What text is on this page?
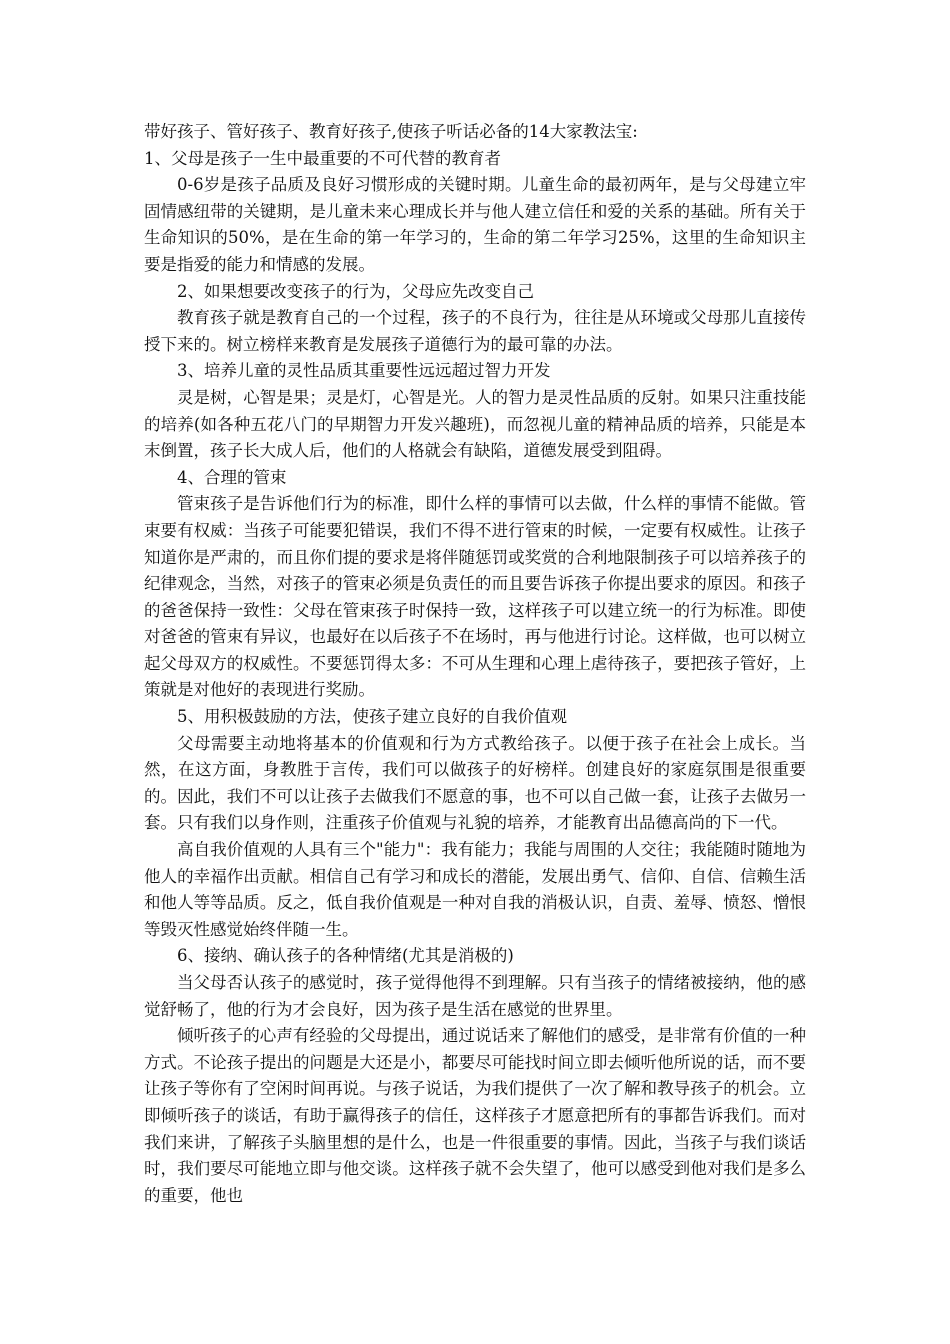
带好孩子、管好孩子、教育好孩子,使孩子听话必备的14大家教法宝:

1、父母是孩子一生中最重要的不可代替的教育者

0-6岁是孩子品质及良好习惯形成的关键时期。儿童生命的最初两年，是与父母建立牢固情感纽带的关键期，是儿童未来心理成长并与他人建立信任和爱的关系的基础。所有关于生命知识的50%，是在生命的第一年学习的，生命的第二年学习25%，这里的生命知识主要是指爱的能力和情感的发展。

2、如果想要改变孩子的行为，父母应先改变自己

教育孩子就是教育自己的一个过程，孩子的不良行为，往往是从环境或父母那儿直接传授下来的。树立榜样来教育是发展孩子道德行为的最可靠的办法。

3、培养儿童的灵性品质其重要性远远超过智力开发

灵是树，心智是果；灵是灯，心智是光。人的智力是灵性品质的反射。如果只注重技能的培养(如各种五花八门的早期智力开发兴趣班)，而忽视儿童的精神品质的培养，只能是本末倒置，孩子长大成人后，他们的人格就会有缺陷，道德发展受到阻碍。

4、合理的管束

管束孩子是告诉他们行为的标准，即什么样的事情可以去做，什么样的事情不能做。管束要有权威：当孩子可能要犯错误，我们不得不进行管束的时候，一定要有权威性。让孩子知道你是严肃的，而且你们提的要求是将伴随惩罚或奖赏的合利地限制孩子可以培养孩子的纪律观念，当然，对孩子的管束必须是负责任的而且要告诉孩子你提出要求的原因。和孩子的爸爸保持一致性：父母在管束孩子时保持一致，这样孩子可以建立统一的行为标准。即使对爸爸的管束有异议，也最好在以后孩子不在场时，再与他进行讨论。这样做，也可以树立起父母双方的权威性。不要惩罚得太多：不可从生理和心理上虐待孩子，要把孩子管好，上策就是对他好的表现进行奖励。

5、用积极鼓励的方法，使孩子建立良好的自我价值观

父母需要主动地将基本的价值观和行为方式教给孩子。以便于孩子在社会上成长。当然，在这方面，身教胜于言传，我们可以做孩子的好榜样。创建良好的家庭氛围是很重要的。因此，我们不可以让孩子去做我们不愿意的事，也不可以自己做一套，让孩子去做另一套。只有我们以身作则，注重孩子价值观与礼貌的培养，才能教育出品德高尚的下一代。

高自我价值观的人具有三个"能力"：我有能力；我能与周围的人交往；我能随时随地为他人的幸福作出贡献。相信自己有学习和成长的潜能，发展出勇气、信仰、自信、信赖生活和他人等等品质。反之，低自我价值观是一种对自我的消极认识，自责、羞辱、愤怒、憎恨等毁灭性感觉始终伴随一生。

6、接纳、确认孩子的各种情绪(尤其是消极的)

当父母否认孩子的感觉时，孩子觉得他得不到理解。只有当孩子的情绪被接纳，他的感觉舒畅了，他的行为才会良好，因为孩子是生活在感觉的世界里。

倾听孩子的心声有经验的父母提出，通过说话来了解他们的感受，是非常有价值的一种方式。不论孩子提出的问题是大还是小，都要尽可能找时间立即去倾听他所说的话，而不要让孩子等你有了空闲时间再说。与孩子说话，为我们提供了一次了解和教导孩子的机会。立即倾听孩子的谈话，有助于赢得孩子的信任，这样孩子才愿意把所有的事都告诉我们。而对我们来讲，了解孩子头脑里想的是什么，也是一件很重要的事情。因此，当孩子与我们谈话时，我们要尽可能地立即与他交谈。这样孩子就不会失望了，他可以感受到他对我们是多么的重要，他也
